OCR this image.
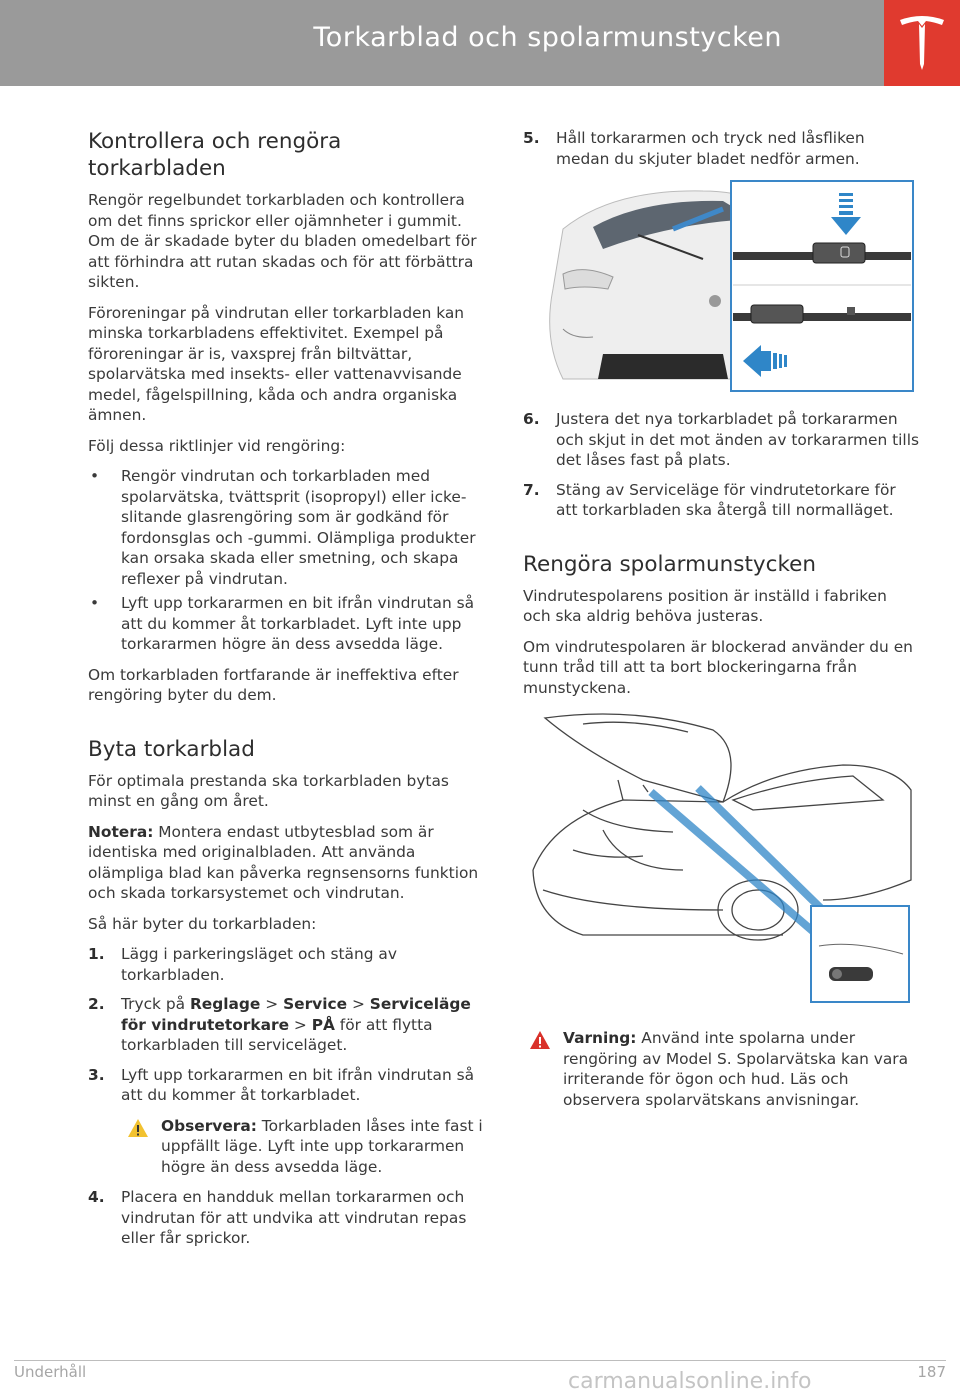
Torkarblad och spolarmunstycken
Kontrollera och rengöra torkarbladen

Rengör regelbundet torkarbladen och kontrollera om det finns sprickor eller ojämnheter i gummit. Om de är skadade byter du bladen omedelbart för att förhindra att rutan skadas och för att förbättra sikten.

Föroreningar på vindrutan eller torkarbladen kan minska torkarbladens effektivitet. Exempel på föroreningar är is, vaxsprej från biltvättar, spolarvätska med insekts- eller vattenavvisande medel, fågelspillning, kåda och andra organiska ämnen.

Följ dessa riktlinjer vid rengöring:

• Rengör vindrutan och torkarbladen med spolarvätska, tvättsprit (isopropyl) eller icke-slitande glasrengöring som är godkänd för fordonsglas och -gummi. Olämpliga produkter kan orsaka skada eller smetning, och skapa reflexer på vindrutan.
• Lyft upp torkararmen en bit ifrån vindrutan så att du kommer åt torkarbladet. Lyft inte upp torkararmen högre än dess avsedda läge.

Om torkarbladen fortfarande är ineffektiva efter rengöring byter du dem.

Byta torkarblad

För optimala prestanda ska torkarbladen bytas minst en gång om året.

Notera: Montera endast utbytesblad som är identiska med originalbladen. Att använda olämpliga blad kan påverka regnsensorns funktion och skada torkarsystemet och vindrutan.

Så här byter du torkarbladen:

1. Lägg i parkeringsläget och stäng av torkarbladen.
2. Tryck på Reglage > Service > Serviceläge för vindrutetorkare > PÅ för att flytta torkarbladen till serviceläget.
3. Lyft upp torkararmen en bit ifrån vindrutan så att du kommer åt torkarbladet.
Observera: Torkarbladen låses inte fast i uppfällt läge. Lyft inte upp torkararmen högre än dess avsedda läge.
4. Placera en handduk mellan torkararmen och vindrutan för att undvika att vindrutan repas eller får sprickor.
5. Håll torkararmen och tryck ned låsfliken medan du skjuter bladet nedför armen.
6. Justera det nya torkarbladet på torkararmen och skjut in det mot änden av torkararmen tills det låses fast på plats.
7. Stäng av Serviceläge för vindrutetorkare för att torkarbladen ska återgå till normalläget.
Rengöra spolarmunstycken

Vindrutespolarens position är inställd i fabriken och ska aldrig behöva justeras.

Om vindrutespolaren är blockerad använder du en tunn tråd till att ta bort blockeringarna från munstyckena.

Varning: Använd inte spolarna under rengöring av Model S. Spolarvätska kan vara irriterande för ögon och hud. Läs och observera spolarvätskans anvisningar.
Underhåll	187
carmanualsonline.info
